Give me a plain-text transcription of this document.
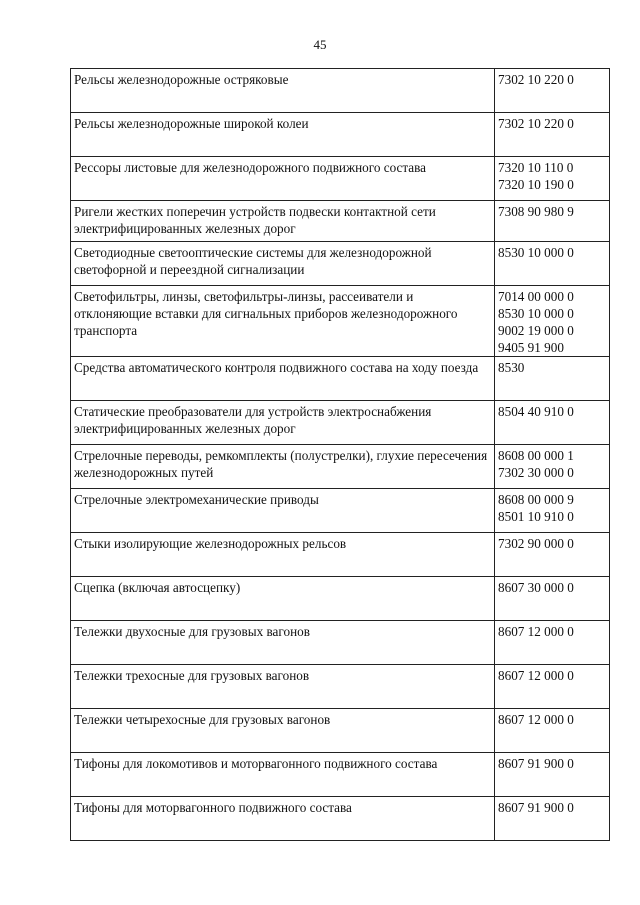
45
Рельсы железнодорожные остряковые	7302 10 220 0

Рельсы железнодорожные широкой колеи	7302 10 220 0

Рессоры листовые для железнодорожного подвижного состава	7320 10 110 0
7320 10 190 0

Ригели жестких поперечин устройств подвески контактной сети электрифицированных железных дорог	7308 90 980 9

Светодиодные светооптические системы для железнодорожной светофорной и переездной сигнализации	8530 10 000 0

Светофильтры, линзы, светофильтры-линзы, рассеиватели и отклоняющие вставки для сигнальных приборов железнодорожного транспорта	7014 00 000 0
8530 10 000 0
9002 19 000 0
9405 91 900

Средства автоматического контроля подвижного состава на ходу поезда	8530

Статические преобразователи для устройств электроснабжения электрифицированных железных дорог	8504 40 910 0

Стрелочные переводы, ремкомплекты (полустрелки), глухие пересечения железнодорожных путей	8608 00 000 1
7302 30 000 0

Стрелочные электромеханические приводы	8608 00 000 9
8501 10 910 0

Стыки изолирующие железнодорожных рельсов	7302 90 000 0

Сцепка (включая автосцепку)	8607 30 000 0

Тележки двухосные для грузовых вагонов	8607 12 000 0

Тележки трехосные для грузовых вагонов	8607 12 000 0

Тележки четырехосные для грузовых вагонов	8607 12 000 0

Тифоны для локомотивов и моторвагонного подвижного состава	8607 91 900 0

Тифоны для моторвагонного подвижного состава	8607 91 900 0
